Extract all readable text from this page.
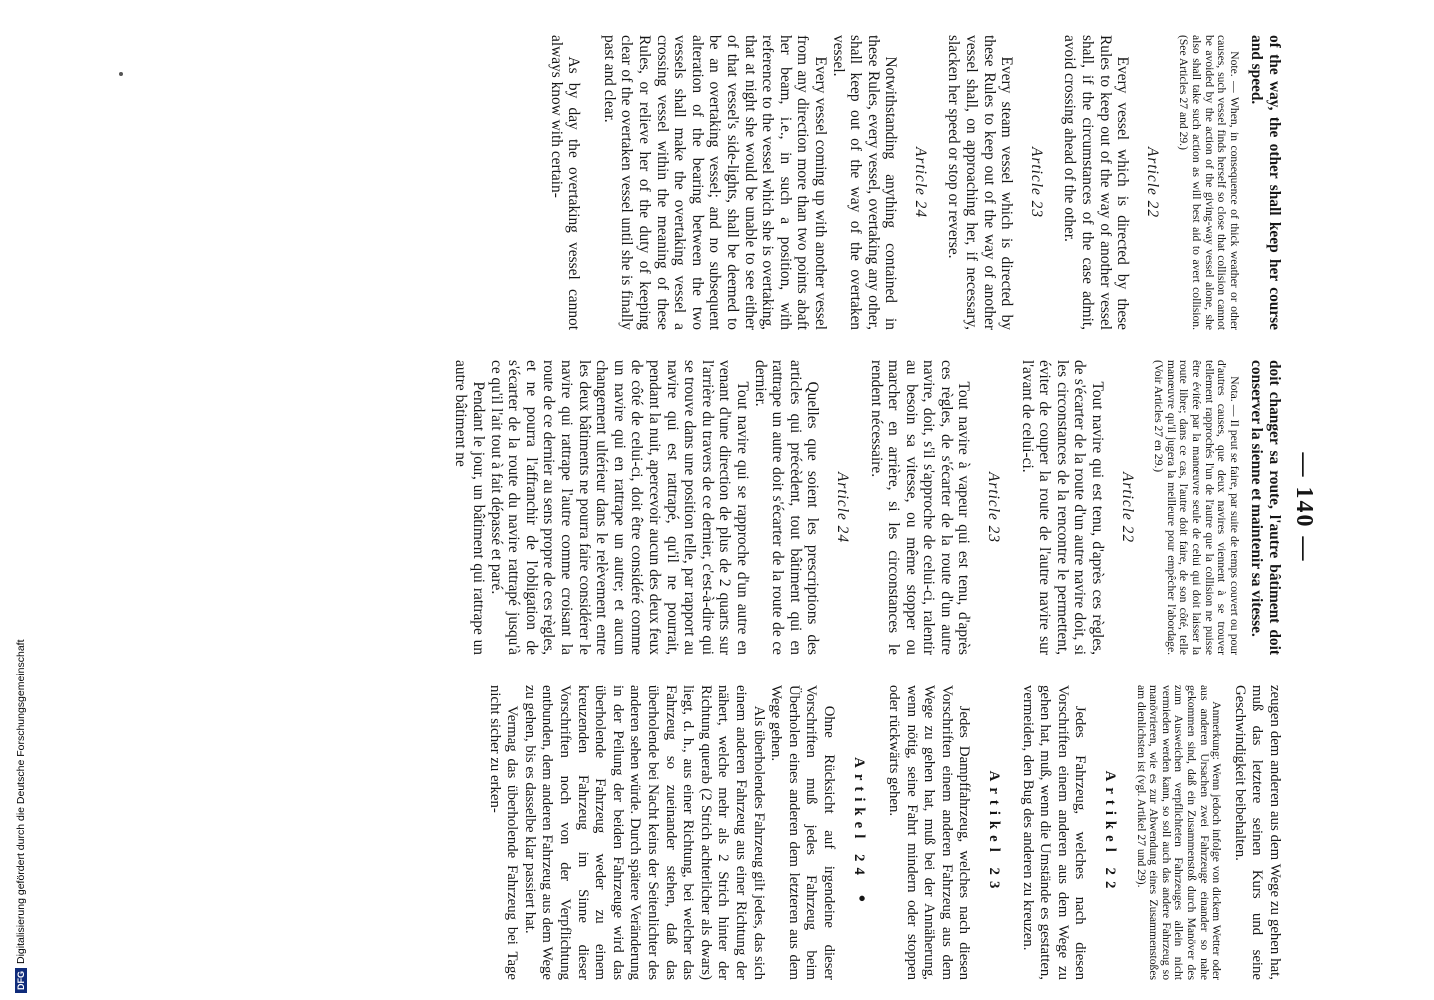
— 140 —

of the way, the other shall keep her course and speed.

Note. — When, in consequence of thick weather or other causes, such vessel finds herself so close that collision cannot be avoided by the action of the giving-way vessel alone, she also shall take such action as will best aid to avert collision. (See Articles 27 and 29.)

Article 22

Every vessel which is directed by these Rules to keep out of the way of another vessel shall, if the circumstances of the case admit, avoid crossing ahead of the other.

Article 23

Every steam vessel which is directed by these Rules to keep out of the way of another vessel shall, on approaching her, if necessary, slacken her speed or stop or reverse.

Article 24

Notwithstanding anything contained in these Rules, every vessel, overtaking any other, shall keep out of the way of the overtaken vessel.

Every vessel coming up with another vessel from any direction more than two points abaft her beam, i.e., in such a position, with reference to the vessel which she is overtaking, that at night she would be unable to see either of that vessel's side-lights, shall be deemed to be an overtaking vessel; and no subsequent alteration of the bearing between the two vessels shall make the overtaking vessel a crossing vessel within the meaning of these Rules, or relieve her of the duty of keeping clear of the overtaken vessel until she is finally past and clear.

As by day the overtaking vessel cannot always know with certain-

doit changer sa route, l'autre bâtiment doit conserver la sienne et maintenir sa vitesse.

Nota. — Il peut se faire, par suite de temps couvert ou pour d'autres causes, que deux navires viennent à se trouver tellement rapprochés l'un de l'autre que la collision ne puisse être évitée par la manœuvre seule de celui qui doit laisser la route libre; dans ce cas, l'autre doit faire, de son côté, telle manœuvre qu'il jugera la meilleure pour empêcher l'abordage. (Voir Articles 27 en 29.)

Article 22

Tout navire qui est tenu, d'après ces règles, de s'écarter de la route d'un autre navire doit, si les circonstances de la rencontre le permettent, éviter de couper la route de l'autre navire sur l'avant de celui-ci.

Article 23

Tout navire à vapeur qui est tenu, d'après ces règles, de s'écarter de la route d'un autre navire, doit, s'il s'approche de celui-ci, ralentir au besoin sa vitesse, ou même stopper ou marcher en arrière, si les circonstances le rendent nécessaire.

Article 24

Quelles que soient les prescriptions des articles qui précèdent, tout bâtiment qui en rattrape un autre doit s'écarter de la route de ce dernier.

Tout navire qui se rapproche d'un autre en venant d'une direction de plus de 2 quarts sur l'arrière du travers de ce dernier, c'est-à-dire qui se trouve dans une position telle, par rapport au navire qui est rattrapé, qu'il ne pourrait, pendant la nuit, apercevoir aucun des deux feux de côté de celui-ci, doit être considéré comme un navire qui en rattrape un autre; et aucun changement ultérieur dans le relèvement entre les deux bâtiments ne pourra faire considérer le navire qui rattrape l'autre comme croisant la route de ce dernier au sens propre de ces règles, et ne pourra l'affranchir de l'obligation de s'écarter de la route du navire rattrapé jusqu'à ce qu'il l'ait tout à fait dépassé et paré.

Pendant le jour, un bâtiment qui rattrape un autre bâtiment ne

zeugen dem anderen aus dem Wege zu gehen hat, muß das letztere seinen Kurs und seine Geschwindigkeit beibehalten.

Anmerkung: Wenn jedoch infolge von dickem Wetter oder aus anderen Ursachen zwei Fahrzeuge einander so nahe gekommen sind, daß ein Zusammenstoß durch Manöver des zum Ausweichen verpflichteten Fahrzeuges allein nicht vermieden werden kann, so soll auch das andere Fahrzeug so manövrieren, wie es zur Abwendung eines Zusammenstoßes am dienlichsten ist (vgl. Artikel 27 und 29).

Artikel 22

Jedes Fahrzeug, welches nach diesen Vorschriften einem anderen aus dem Wege zu gehen hat, muß, wenn die Umstände es gestatten, vermeiden, den Bug des anderen zu kreuzen.

Artikel 23

Jedes Dampffahrzeug, welches nach diesen Vorschriften einem anderen Fahrzeug aus dem Wege zu gehen hat, muß bei der Annäherung, wenn nötig, seine Fahrt mindern oder stoppen oder rückwärts gehen.

Artikel 24•

Ohne Rücksicht auf irgendeine dieser Vorschriften muß jedes Fahrzeug beim Überholen eines anderen dem letzteren aus dem Wege gehen.

Als überholendes Fahrzeug gilt jedes, das sich einem anderen Fahrzeug aus einer Richtung der nähert, welche mehr als 2 Strich hinter der Richtung querab (2 Strich achterlicher als dwars) liegt, d. h., aus einer Richtung, bei welcher das Fahrzeug so zueinander stehen, daß das überholende bei Nacht keins der Seitenlichter des anderen sehen würde. Durch spätere Veränderung in der Peilung der beiden Fahrzeuge wird das überholende Fahrzeug weder zu einem kreuzenden Fahrzeug im Sinne dieser Vorschriften noch von der Verpflichtung entbunden, dem anderen Fahrzeug aus dem Wege zu gehen, bis es dasselbe klar passiert hat.

Vermag das überholende Fahrzeug bei Tage nicht sicher zu erken-

DFGDigitalisierung gefördert durch die Deutsche Forschungsgemeinschaft
